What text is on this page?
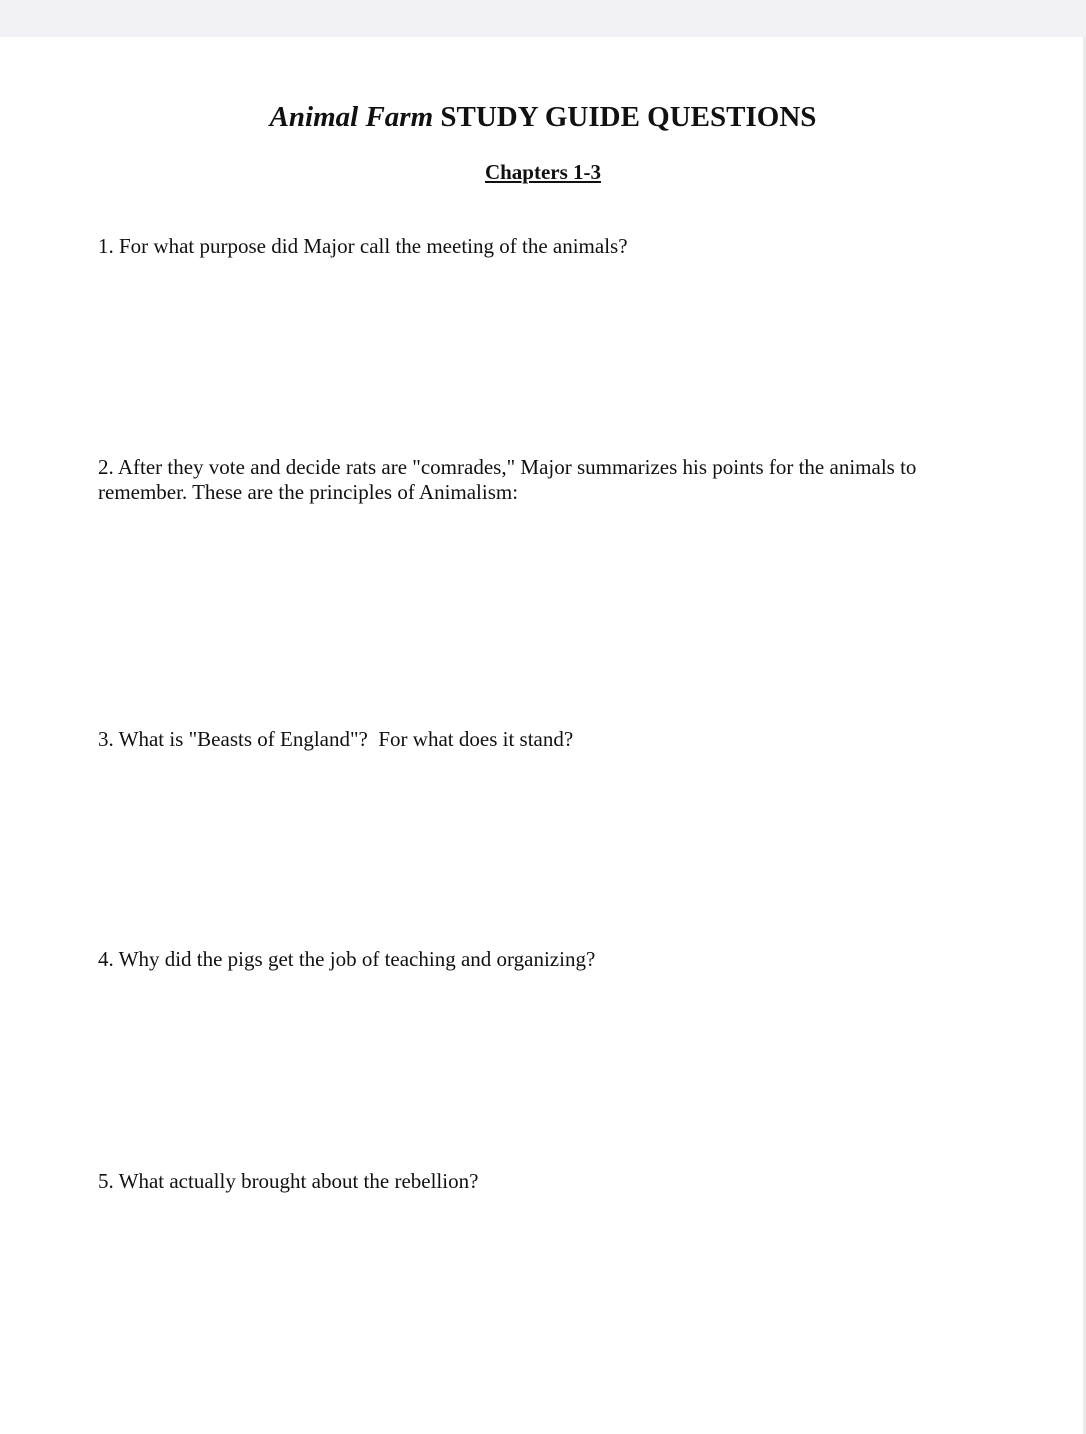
Animal Farm STUDY GUIDE QUESTIONS
Chapters 1-3
1. For what purpose did Major call the meeting of the animals?
2. After they vote and decide rats are "comrades," Major summarizes his points for the animals to remember. These are the principles of Animalism:
3. What is "Beasts of England"?  For what does it stand?
4. Why did the pigs get the job of teaching and organizing?
5. What actually brought about the rebellion?
